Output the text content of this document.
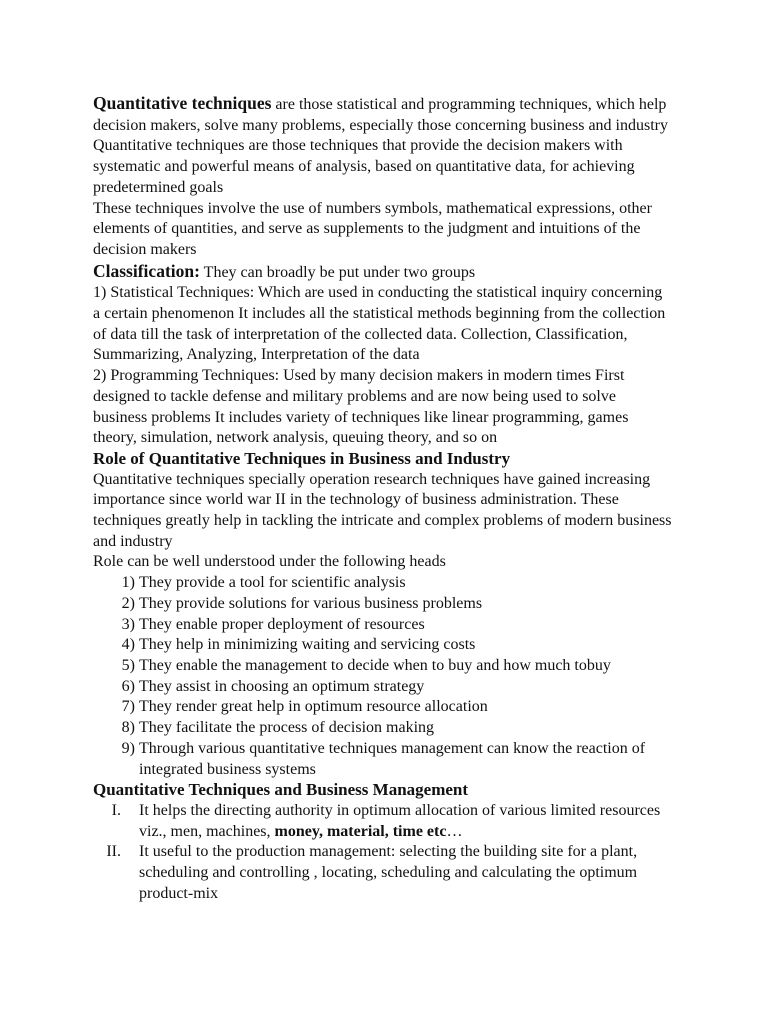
Quantitative techniques are those statistical and programming techniques, which help decision makers, solve many problems, especially those concerning business and industry

Quantitative techniques are those techniques that provide the decision makers with systematic and powerful means of analysis, based on quantitative data, for achieving predetermined goals

These techniques involve the use of numbers symbols, mathematical expressions, other elements of quantities, and serve as supplements to the judgment and intuitions of the decision makers

Classification: They can broadly be put under two groups

1) Statistical Techniques: Which are used in conducting the statistical inquiry concerning a certain phenomenon It includes all the statistical methods beginning from the collection of data till the task of interpretation of the collected data. Collection, Classification, Summarizing, Analyzing, Interpretation of the data

2) Programming Techniques: Used by many decision makers in modern times First designed to tackle defense and military problems and are now being used to solve business problems It includes variety of techniques like linear programming, games theory, simulation, network analysis, queuing theory, and so on

Role of Quantitative Techniques in Business and Industry

Quantitative techniques specially operation research techniques have gained increasing importance since world war II in the technology of business administration. These techniques greatly help in tackling the intricate and complex problems of modern business and industry

Role can be well understood under the following heads

1) They provide a tool for scientific analysis
2) They provide solutions for various business problems
3) They enable proper deployment of resources
4) They help in minimizing waiting and servicing costs
5) They enable the management to decide when to buy and how much tobuy
6) They assist in choosing an optimum strategy
7) They render great help in optimum resource allocation
8) They facilitate the process of decision making
9) Through various quantitative techniques management can know the reaction of integrated business systems

Quantitative Techniques and Business Management

I. It helps the directing authority in optimum allocation of various limited resources viz., men, machines, money, material, time etc…
II. It useful to the production management: selecting the building site for a plant, scheduling and controlling , locating, scheduling and calculating the optimum product-mix
